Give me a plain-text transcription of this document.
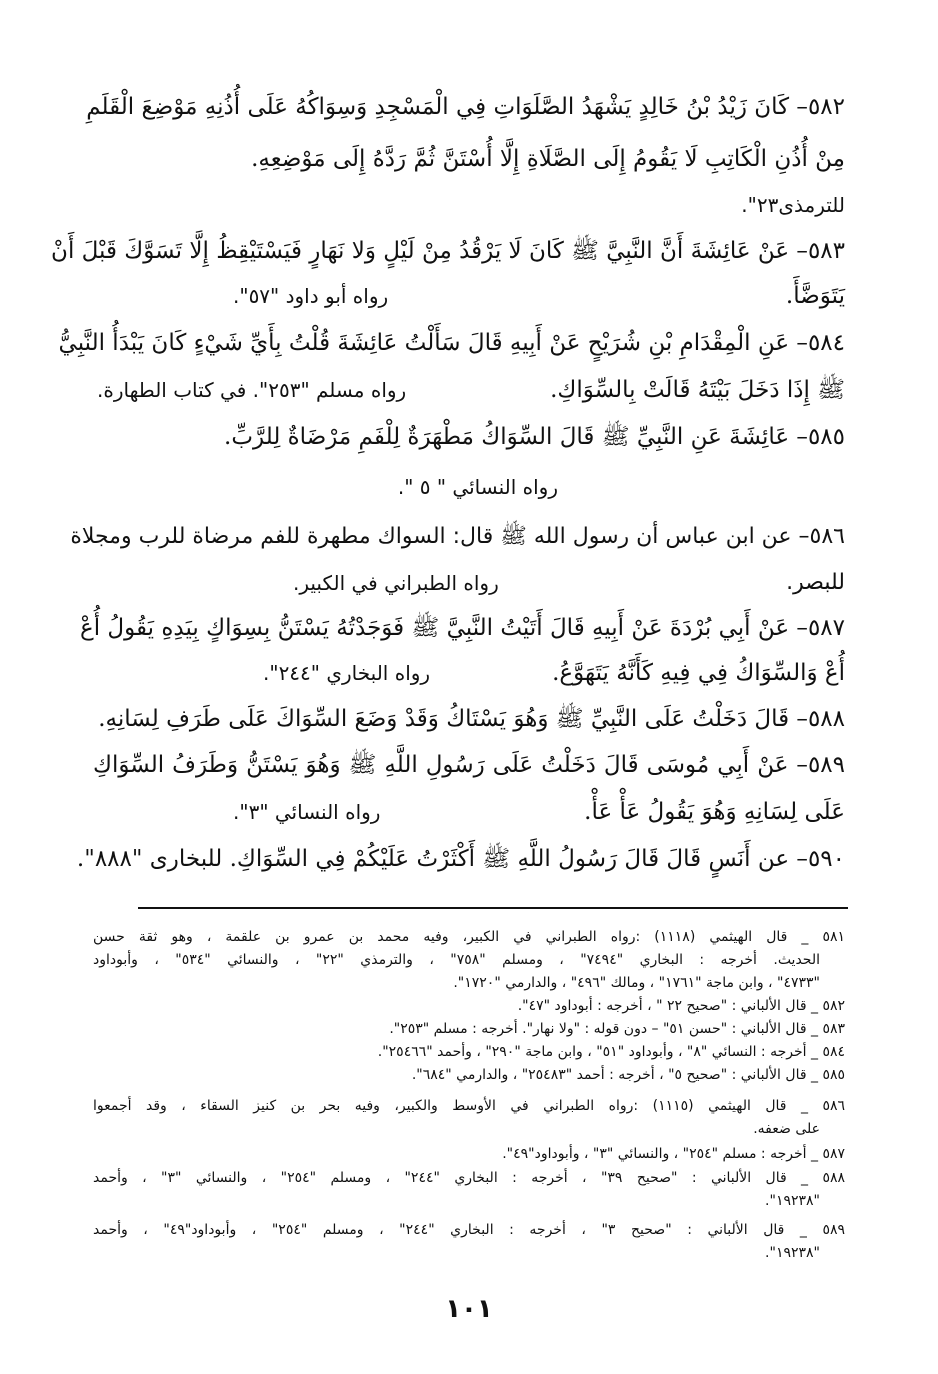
٥٨٢– كَانَ زَيْدُ بْنُ خَالِدٍ يَشْهَدُ الصَّلَوَاتِ فِي الْمَسْجِدِ وَسِوَاكُهُ عَلَى أُذُنِهِ مَوْضِعَ الْقَلَمِ
مِنْ أُذُنِ الْكَاتِبِ لَا يَقُومُ إِلَى الصَّلَاةِ إِلَّا أُسْتَنَّ ثُمَّ رَدَّهُ إِلَى مَوْضِعِهِ.
للترمذى٢٣".
٥٨٣– عَنْ عَائِشَةَ أَنَّ النَّبِيَّ ﷺ كَانَ لَا يَرْقُدُ مِنْ لَيْلٍ وَلا نَهَارٍ فَيَسْتَيْقِظُ إِلَّا تَسَوَّكَ قَبْلَ أَنْ
يَتَوَضَّأَ.
رواه أبو داود "٥٧".
٥٨٤– عَنِ الْمِقْدَامِ بْنِ شُرَيْحٍ عَنْ أَبِيهِ قَالَ سَأَلْتُ عَائِشَةَ قُلْتُ بِأَيِّ شَيْءٍ كَانَ يَبْدَأُ النَّبِيُّ
ﷺ إِذَا دَخَلَ بَيْتَهُ قَالَتْ بِالسِّوَاكِ.
رواه مسلم "٢٥٣". في كتاب الطهارة.
٥٨٥– عَائِشَةَ عَنِ النَّبِيِّ ﷺ قَالَ السِّوَاكُ مَطْهَرَةٌ لِلْفَمِ مَرْضَاةٌ لِلرَّبِّ.
رواه النسائي " ٥ ".
٥٨٦– عن ابن عباس أن رسول الله ﷺ قال: السواك مطهرة للفم مرضاة للرب ومجلاة
للبصر.
رواه الطبراني في الكبير.
٥٨٧– عَنْ أَبِي بُرْدَةَ عَنْ أَبِيهِ قَالَ أَتَيْتُ النَّبِيَّ ﷺ فَوَجَدْتُهُ يَسْتَنُّ بِسِوَاكٍ بِيَدِهِ يَقُولُ أُعْ
أُعْ وَالسِّوَاكُ فِي فِيهِ كَأَنَّهُ يَتَهَوَّعُ.
رواه البخاري "٢٤٤".
٥٨٨– قَالَ دَخَلْتُ عَلَى النَّبِيِّ ﷺ وَهُوَ يَسْتَاكُ وَقَدْ وَضَعَ السِّوَاكَ عَلَى طَرَفِ لِسَانِهِ.
٥٨٩– عَنْ أَبِي مُوسَى قَالَ دَخَلْتُ عَلَى رَسُولِ اللَّهِ ﷺ وَهُوَ يَسْتَنُّ وَطَرَفُ السِّوَاكِ
عَلَى لِسَانِهِ وَهُوَ يَقُولُ عَأْ عَأْ.
رواه النسائي "٣".
٥٩٠– عن أَنَسٍ قَالَ قَالَ رَسُولُ اللَّهِ ﷺ أَكْثَرْتُ عَلَيْكُمْ فِي السِّوَاكِ. للبخارى "٨٨٨".
٥٨١ _ قال الهيثمي (١١١٨) :رواه الطبراني في الكبير، وفيه محمد بن عمرو بن علقمة ، وهو ثقة حسن
الحديث. أخرجه : البخاري "٧٤٩٤" ، ومسلم "٧٥٨" ، والترمذي "٢٢" ، والنسائي "٥٣٤" ، وأبوداود
"٤٧٣٣" ، وابن ماجة "١٧٦١" ، ومالك "٤٩٦" ، والدارمي "١٧٢٠".
٥٨٢ _ قال الألباني : "صحيح ٢٢ " ، أخرجه : أبوداود "٤٧".
٥٨٣ _ قال الألباني : "حسن ٥١" – دون قوله : "ولا نهار". أخرجه : مسلم "٢٥٣".
٥٨٤ _ أخرجه : النسائي "٨" ، وأبوداود "٥١" ، وابن ماجة "٢٩٠" ، وأحمد "٢٥٤٦٦".
٥٨٥ _ قال الألباني : "صحيح ٥" ، أخرجه : أحمد "٢٥٤٨٣" ، والدارمي "٦٨٤".
٥٨٦ _ قال الهيثمي (١١١٥) :رواه الطبراني في الأوسط والكبير، وفيه بحر بن كنيز السقاء ، وقد أجمعوا
على ضعفه.
٥٨٧ _ أخرجه : مسلم "٢٥٤" ، والنسائي "٣" ، وأبوداود"٤٩".
٥٨٨ _ قال الألباني : "صحيح ٣٩" ، أخرجه : البخاري "٢٤٤" ، ومسلم "٢٥٤" ، والنسائي "٣" ، وأحمد
"١٩٢٣٨".
٥٨٩ _ قال الألباني : "صحيح ٣" ، أخرجه : البخاري "٢٤٤" ، ومسلم "٢٥٤" ، وأبوداود"٤٩" ، وأحمد
"١٩٢٣٨".
١٠١
